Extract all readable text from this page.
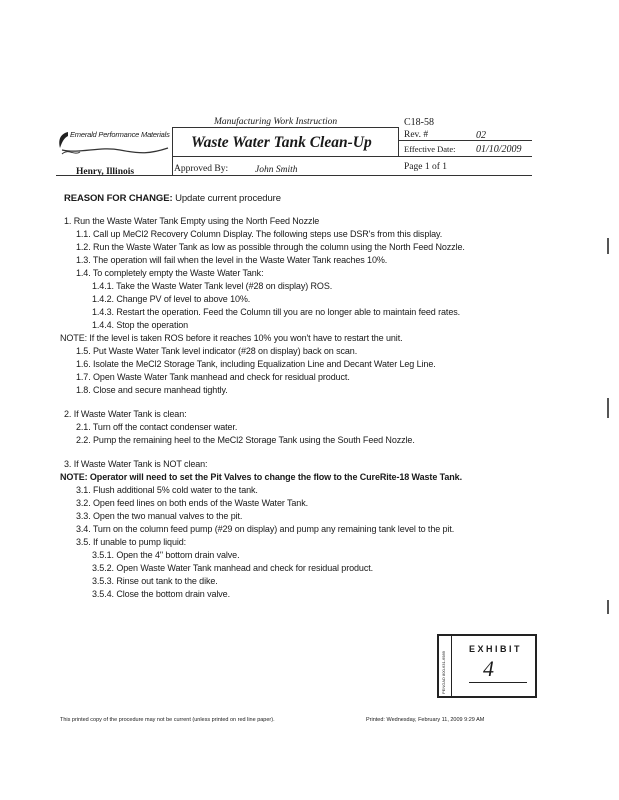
Emerald Performance Materials
Manufacturing Work Instruction
Waste Water Tank Clean-Up
C18-58
Rev. #	02
Effective Date: 01/10/2009
Henry, Illinois	Approved By:	John Smith	Page 1 of 1
REASON FOR CHANGE: Update current procedure
1. Run the Waste Water Tank Empty using the North Feed Nozzle
1.1. Call up MeCl2 Recovery Column Display. The following steps use DSR's from this display.
1.2. Run the Waste Water Tank as low as possible through the column using the North Feed Nozzle.
1.3. The operation will fail when the level in the Waste Water Tank reaches 10%.
1.4. To completely empty the Waste Water Tank:
1.4.1. Take the Waste Water Tank level (#28 on display) ROS.
1.4.2. Change PV of level to above 10%.
1.4.3. Restart the operation. Feed the Column till you are no longer able to maintain feed rates.
1.4.4. Stop the operation
NOTE: If the level is taken ROS before it reaches 10% you won't have to restart the unit.
1.5. Put Waste Water Tank level indicator (#28 on display) back on scan.
1.6. Isolate the MeCl2 Storage Tank, including Equalization Line and Decant Water Leg Line.
1.7. Open Waste Water Tank manhead and check for residual product.
1.8. Close and secure manhead tightly.
2. If Waste Water Tank is clean:
2.1. Turn off the contact condenser water.
2.2. Pump the remaining heel to the MeCl2 Storage Tank using the South Feed Nozzle.
3. If Waste Water Tank is NOT clean:
NOTE: Operator will need to set the Pit Valves to change the flow to the CureRite-18 Waste Tank.
3.1. Flush additional 5% cold water to the tank.
3.2. Open feed lines on both ends of the Waste Water Tank.
3.3. Open the two manual valves to the pit.
3.4. Turn on the column feed pump (#29 on display) and pump any remaining tank level to the pit.
3.5. If unable to pump liquid:
3.5.1. Open the 4" bottom drain valve.
3.5.2. Open Waste Water Tank manhead and check for residual product.
3.5.3. Rinse out tank to the dike.
3.5.4. Close the bottom drain valve.
PENGAD 800-631-6989
EXHIBIT
4
This printed copy of the procedure may not be current (unless printed on red line paper).	Printed: Wednesday, February 11, 2009 9:29 AM
